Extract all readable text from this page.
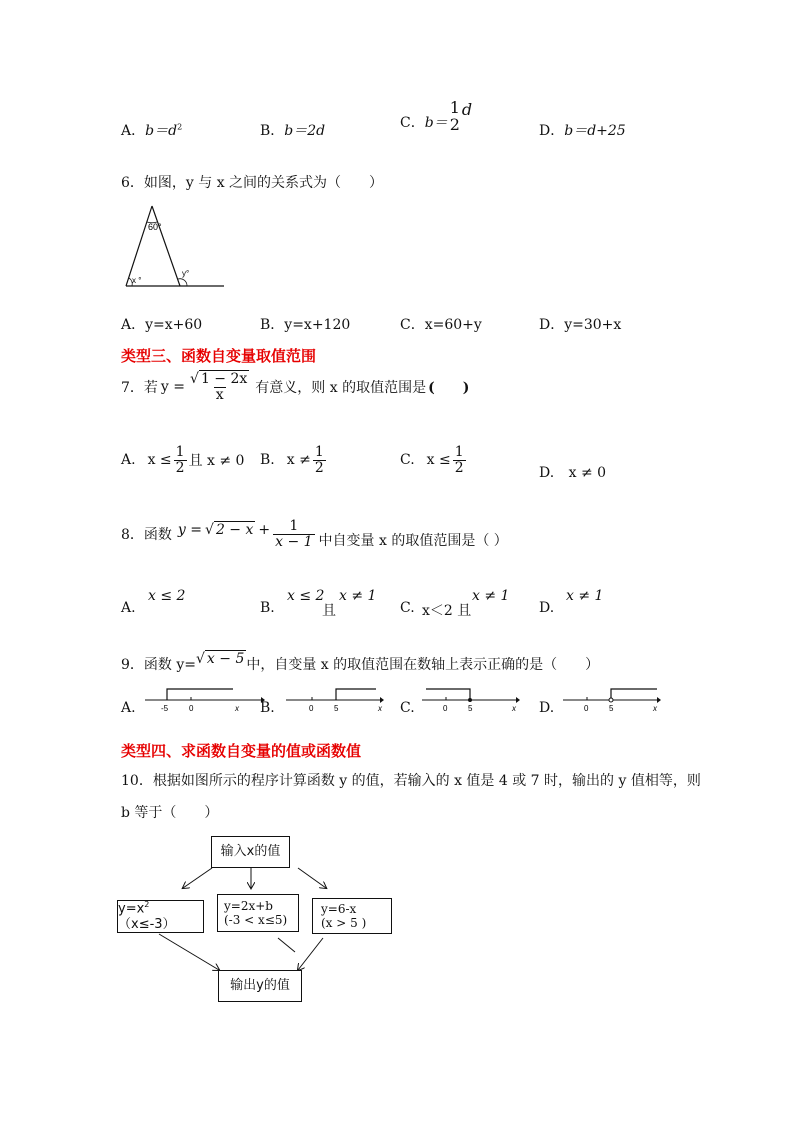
A．$b=d^2$	B．b＝2d
C．b＝
1
2
d
D．b＝d+25
6．如图，y 与 x 之间的关系式为（　　）
60°
x °
y°
A．y=x+60	B．y=x+120	C．x=60+y	D．y=30+x
类型三、函数自变量取值范围
7．若 $y = \frac{√ 1 - 2x}{x}$ 有意义，则 x 的取值范围是 (　　)
A. $x \le \frac{1}{2}$ 且 x ≠ 0 B. $x \ne \frac{1}{2}$	C. $x \le \frac{1}{2}$	D. x ≠ 0
8．函数 y = √ $2 - x + \frac{1}{x - 1}$ 中自变量 x 的取值范围是（ ）
A.
x ≤ 2
B.
x ≤ 2
且
x ≠ 1
C. x＜2 且
x ≠ 1
D.
x ≠ 1
9．函数 y= √ x − 5 中，自变量 x 的取值范围在数轴上表示正确的是（　　）
A.	-5	0	x B.	0	5	x C.	0	5	x D.	0	5	x
类型四、求函数自变量的值或函数值
10．根据如图所示的程序计算函数 y 的值，若输入的 x 值是 4 或 7 时，输出的 y 值相等，则
b 等于（　　）
输入x的值
$y=x^2(x\le-3)$
y=2x+b
(-3 < x≤5)
y=6-x
(x > 5 )
输出y的值
